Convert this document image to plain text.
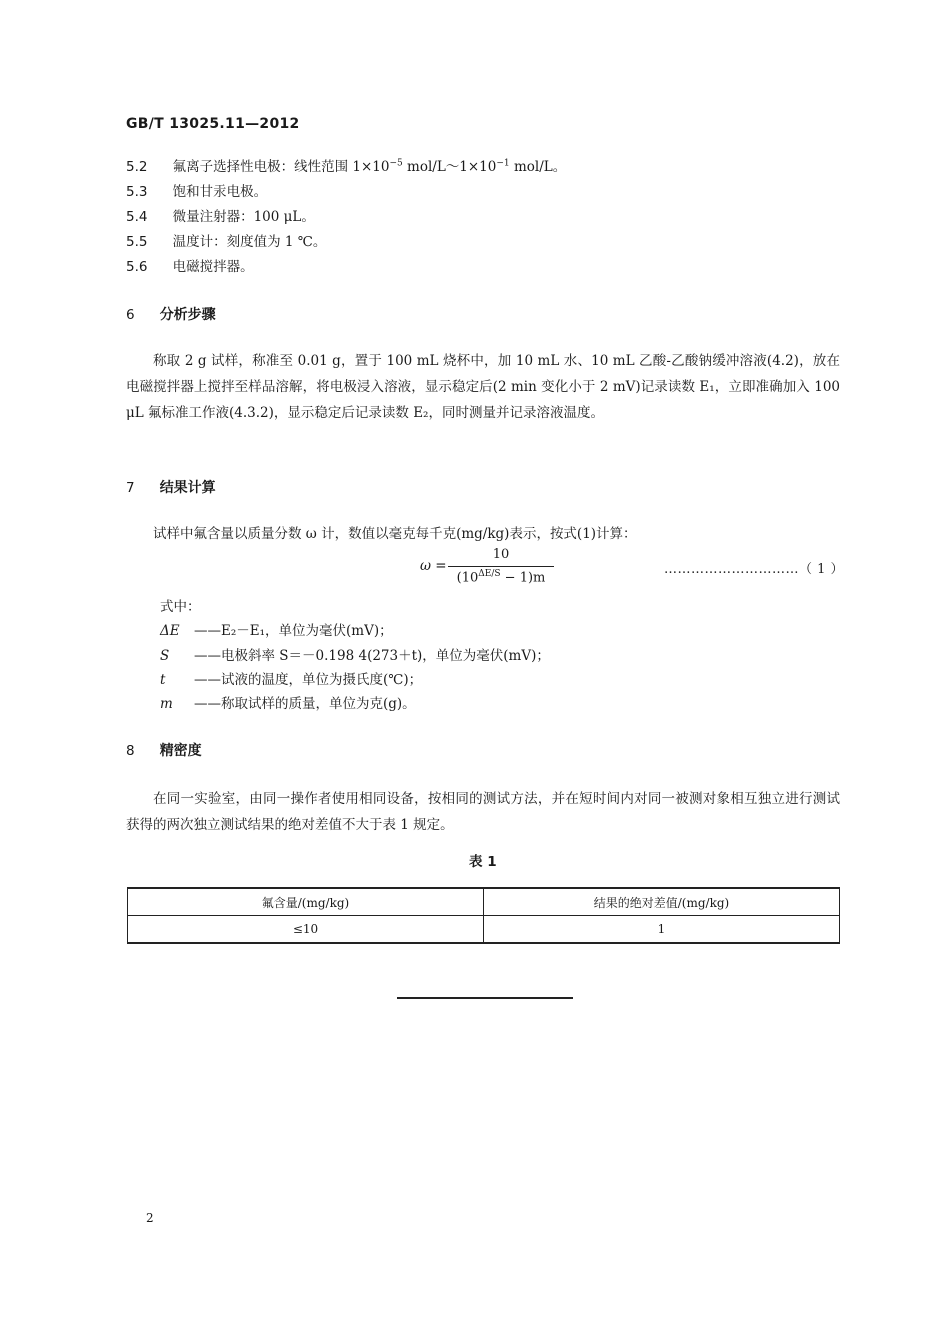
GB/T 13025.11—2012
5.2 氟离子选择性电极：线性范围 $1\times 10^{-5}$ mol/$L\sim 1\times 10^{-1}$ mol/L。
5.3 饱和甘汞电极。
5.4 微量注射器：100 μL。
5.5 温度计：刻度值为 1 ℃。
5.6 电磁搅拌器。
6 分析步骤
称取 2 g 试样，称准至 0.01 g，置于 100 mL 烧杯中，加 10 mL 水、10 mL 乙酸-乙酸钠缓冲溶液(4.2)，放在电磁搅拌器上搅拌至样品溶解，将电极浸入溶液，显示稳定后(2 min 变化小于 2 mV)记录读数 E₁，立即准确加入 100 μL 氟标准工作液(4.3.2)，显示稳定后记录读数 E₂，同时测量并记录溶液温度。
7 结果计算
试样中氟含量以质量分数 ω 计，数值以毫克每千克(mg/kg)表示，按式(1)计算：
ω =
10
$(10^{\Delta E/S} - 1)m$
…………………………（ 1 ）
式中：
ΔE ——E₂－E₁，单位为毫伏(mV)；
S ——电极斜率 S＝－0.198 4(273＋t)，单位为毫伏(mV)；
t ——试液的温度，单位为摄氏度(℃)；
m ——称取试样的质量，单位为克(g)。
8 精密度
在同一实验室，由同一操作者使用相同设备，按相同的测试方法，并在短时间内对同一被测对象相互独立进行测试获得的两次独立测试结果的绝对差值不大于表 1 规定。
表 1
氟含量/(mg/kg)	结果的绝对差值/(mg/kg)
≤10	1
2
